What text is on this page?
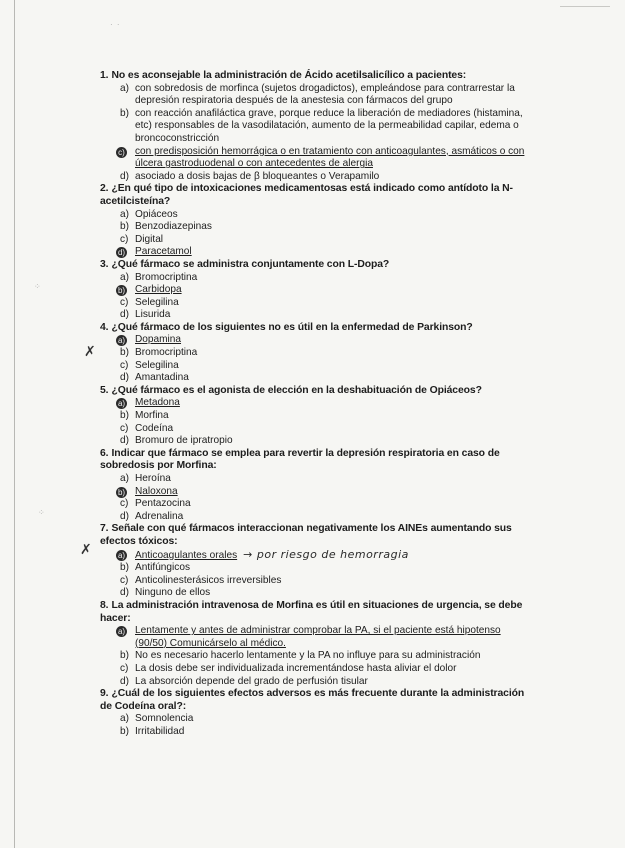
· ·
⁘
⁘
✗
✗
1. No es aconsejable la administración de Ácido acetilsalicílico a pacientes:
a) con sobredosis de morfinca (sujetos drogadictos), empleándose para contrarrestar la depresión respiratoria después de la anestesia con fármacos del grupo
b) con reacción anafiláctica grave, porque reduce la liberación de mediadores (histamina, etc) responsables de la vasodilatación, aumento de la permeabilidad capilar, edema o broncoconstricción
c) con predisposición hemorrágica o en tratamiento con anticoagulantes, asmáticos o con úlcera gastroduodenal o con antecedentes de alergia
d) asociado a dosis bajas de β bloqueantes o Verapamilo
2. ¿En qué tipo de intoxicaciones medicamentosas está indicado como antídoto la N-acetilcisteína?
a) Opiáceos
b) Benzodiazepinas
c) Digital
d) Paracetamol
3. ¿Qué fármaco se administra conjuntamente con L-Dopa?
a) Bromocriptina
b) Carbidopa
c) Selegilina
d) Lisurida
4. ¿Qué fármaco de los siguientes no es útil en la enfermedad de Parkinson?
a) Dopamina
b) Bromocriptina
c) Selegilina
d) Amantadina
5. ¿Qué fármaco es el agonista de elección en la deshabituación de Opiáceos?
a) Metadona
b) Morfina
c) Codeína
d) Bromuro de ipratropio
6. Indicar que fármaco se emplea para revertir la depresión respiratoria en caso de sobredosis por Morfina:
a) Heroína
b) Naloxona
c) Pentazocina
d) Adrenalina
7. Señale con qué fármacos interaccionan negativamente los AINEs aumentando sus efectos tóxicos:
a) Anticoagulantes orales → por riesgo de hemorragia
b) Antifúngicos
c) Anticolinesterásicos irreversibles
d) Ninguno de ellos
8. La administración intravenosa de Morfina es útil en situaciones de urgencia, se debe hacer:
a) Lentamente y antes de administrar comprobar la PA, si el paciente está hipotenso (90/50) Comunicárselo al médico.
b) No es necesario hacerlo lentamente y la PA no influye para su administración
c) La dosis debe ser individualizada incrementándose hasta aliviar el dolor
d) La absorción depende del grado de perfusión tisular
9. ¿Cuál de los siguientes efectos adversos es más frecuente durante la administración de Codeína oral?:
a) Somnolencia
b) Irritabilidad
